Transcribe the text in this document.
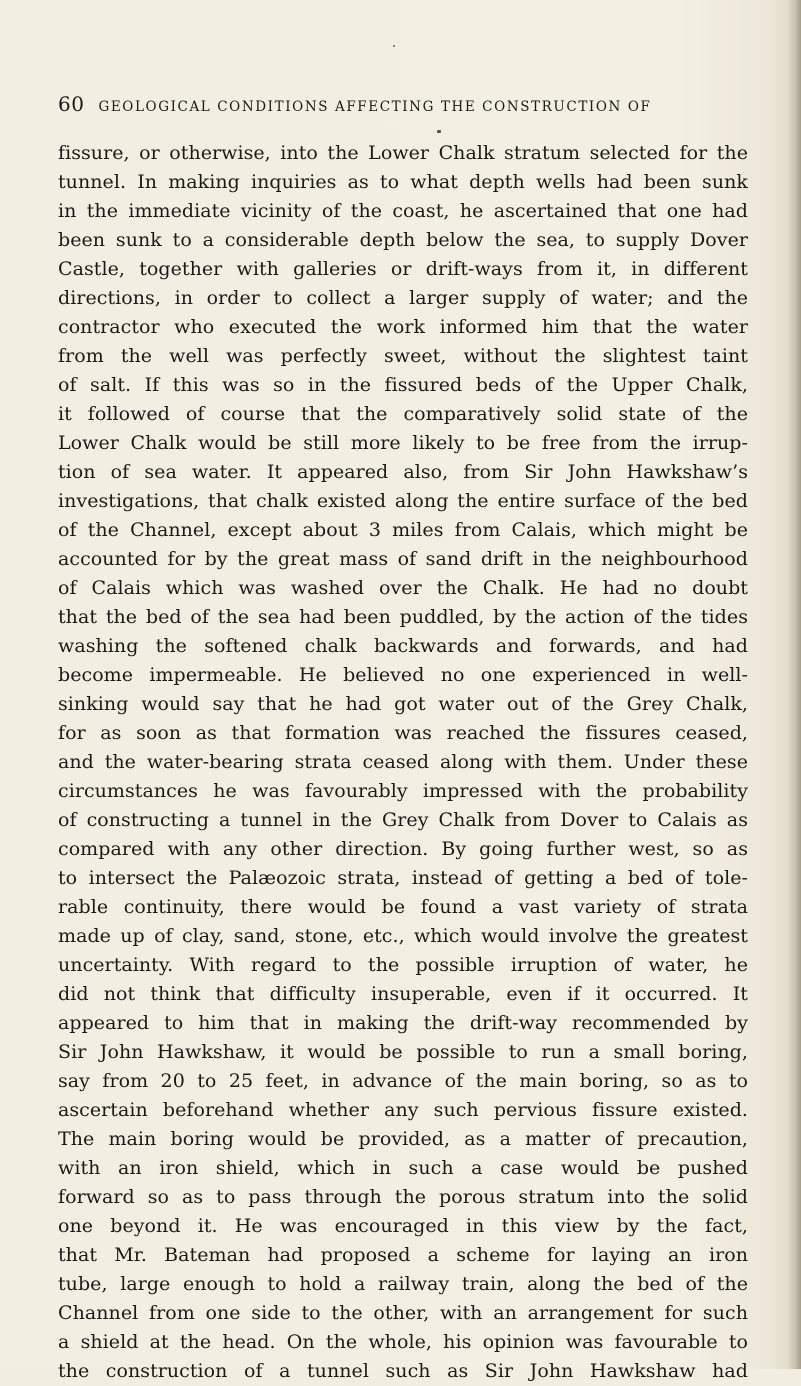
60 GEOLOGICAL CONDITIONS AFFECTING THE CONSTRUCTION OF
fissure, or otherwise, into the Lower Chalk stratum selected for the
tunnel. In making inquiries as to what depth wells had been sunk
in the immediate vicinity of the coast, he ascertained that one had
been sunk to a considerable depth below the sea, to supply Dover
Castle, together with galleries or drift-ways from it, in different
directions, in order to collect a larger supply of water; and the
contractor who executed the work informed him that the water
from the well was perfectly sweet, without the slightest taint
of salt. If this was so in the fissured beds of the Upper Chalk,
it followed of course that the comparatively solid state of the
Lower Chalk would be still more likely to be free from the irrup-
tion of sea water. It appeared also, from Sir John Hawkshaw’s
investigations, that chalk existed along the entire surface of the bed
of the Channel, except about 3 miles from Calais, which might be
accounted for by the great mass of sand drift in the neighbourhood
of Calais which was washed over the Chalk. He had no doubt
that the bed of the sea had been puddled, by the action of the tides
washing the softened chalk backwards and forwards, and had
become impermeable. He believed no one experienced in well-
sinking would say that he had got water out of the Grey Chalk,
for as soon as that formation was reached the fissures ceased,
and the water-bearing strata ceased along with them. Under these
circumstances he was favourably impressed with the probability
of constructing a tunnel in the Grey Chalk from Dover to Calais as
compared with any other direction. By going further west, so as
to intersect the Palæozoic strata, instead of getting a bed of tole-
rable continuity, there would be found a vast variety of strata
made up of clay, sand, stone, etc., which would involve the greatest
uncertainty. With regard to the possible irruption of water, he
did not think that difficulty insuperable, even if it occurred. It
appeared to him that in making the drift-way recommended by
Sir John Hawkshaw, it would be possible to run a small boring,
say from 20 to 25 feet, in advance of the main boring, so as to
ascertain beforehand whether any such pervious fissure existed.
The main boring would be provided, as a matter of precaution,
with an iron shield, which in such a case would be pushed
forward so as to pass through the porous stratum into the solid
one beyond it. He was encouraged in this view by the fact,
that Mr. Bateman had proposed a scheme for laying an iron
tube, large enough to hold a railway train, along the bed of the
Channel from one side to the other, with an arrangement for such
a shield at the head. On the whole, his opinion was favourable to
the construction of a tunnel such as Sir John Hawkshaw had
